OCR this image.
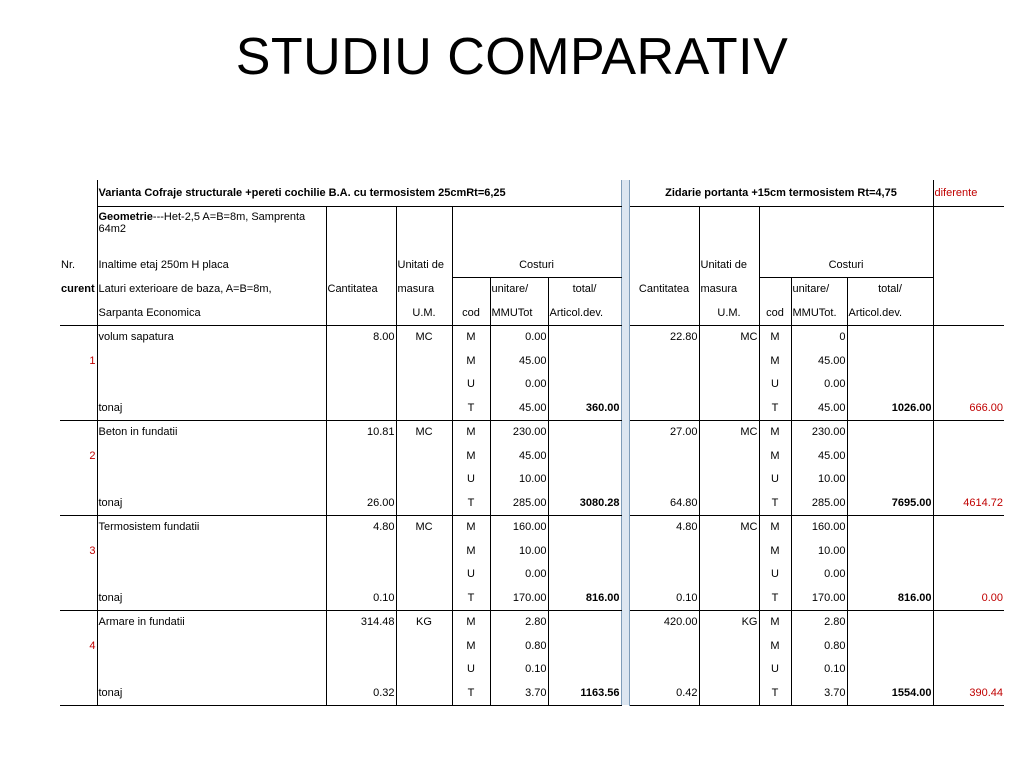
STUDIU COMPARATIV
	Varianta Cofraje structurale +pereti cochilie B.A. cu termosistem 25cmRt=6,25							Zidarie portanta +15cm termosistem Rt=4,75					diferente
	Geometrie---Het-2,5 A=B=8m, Samprenta 64m2												
Nr.	Inaltime etaj 250m H placa		Unitati de	Costuri					Unitati de	Costuri			
curent	Laturi exterioare de baza, A=B=8m,	Cantitatea	masura		unitare/	total/		Cantitatea	masura		unitare/	total/	
	Sarpanta Economica		U.M.	cod	MMUTot	Articol.dev.			U.M.	cod	MMUTot.	Articol.dev.	
	volum sapatura	8.00	MC	M	0.00			22.80	MC	M	0		
1				M	45.00					M	45.00		
				U	0.00					U	0.00		
	tonaj			T	45.00	360.00				T	45.00	1026.00	666.00
	Beton in fundatii	10.81	MC	M	230.00			27.00	MC	M	230.00		
2				M	45.00					M	45.00		
				U	10.00					U	10.00		
	tonaj	26.00		T	285.00	3080.28		64.80		T	285.00	7695.00	4614.72
	Termosistem fundatii	4.80	MC	M	160.00			4.80	MC	M	160.00		
3				M	10.00					M	10.00		
				U	0.00					U	0.00		
	tonaj	0.10		T	170.00	816.00		0.10		T	170.00	816.00	0.00
	Armare in fundatii	314.48	KG	M	2.80			420.00	KG	M	2.80		
4				M	0.80					M	0.80		
				U	0.10					U	0.10		
	tonaj	0.32		T	3.70	1163.56		0.42		T	3.70	1554.00	390.44
